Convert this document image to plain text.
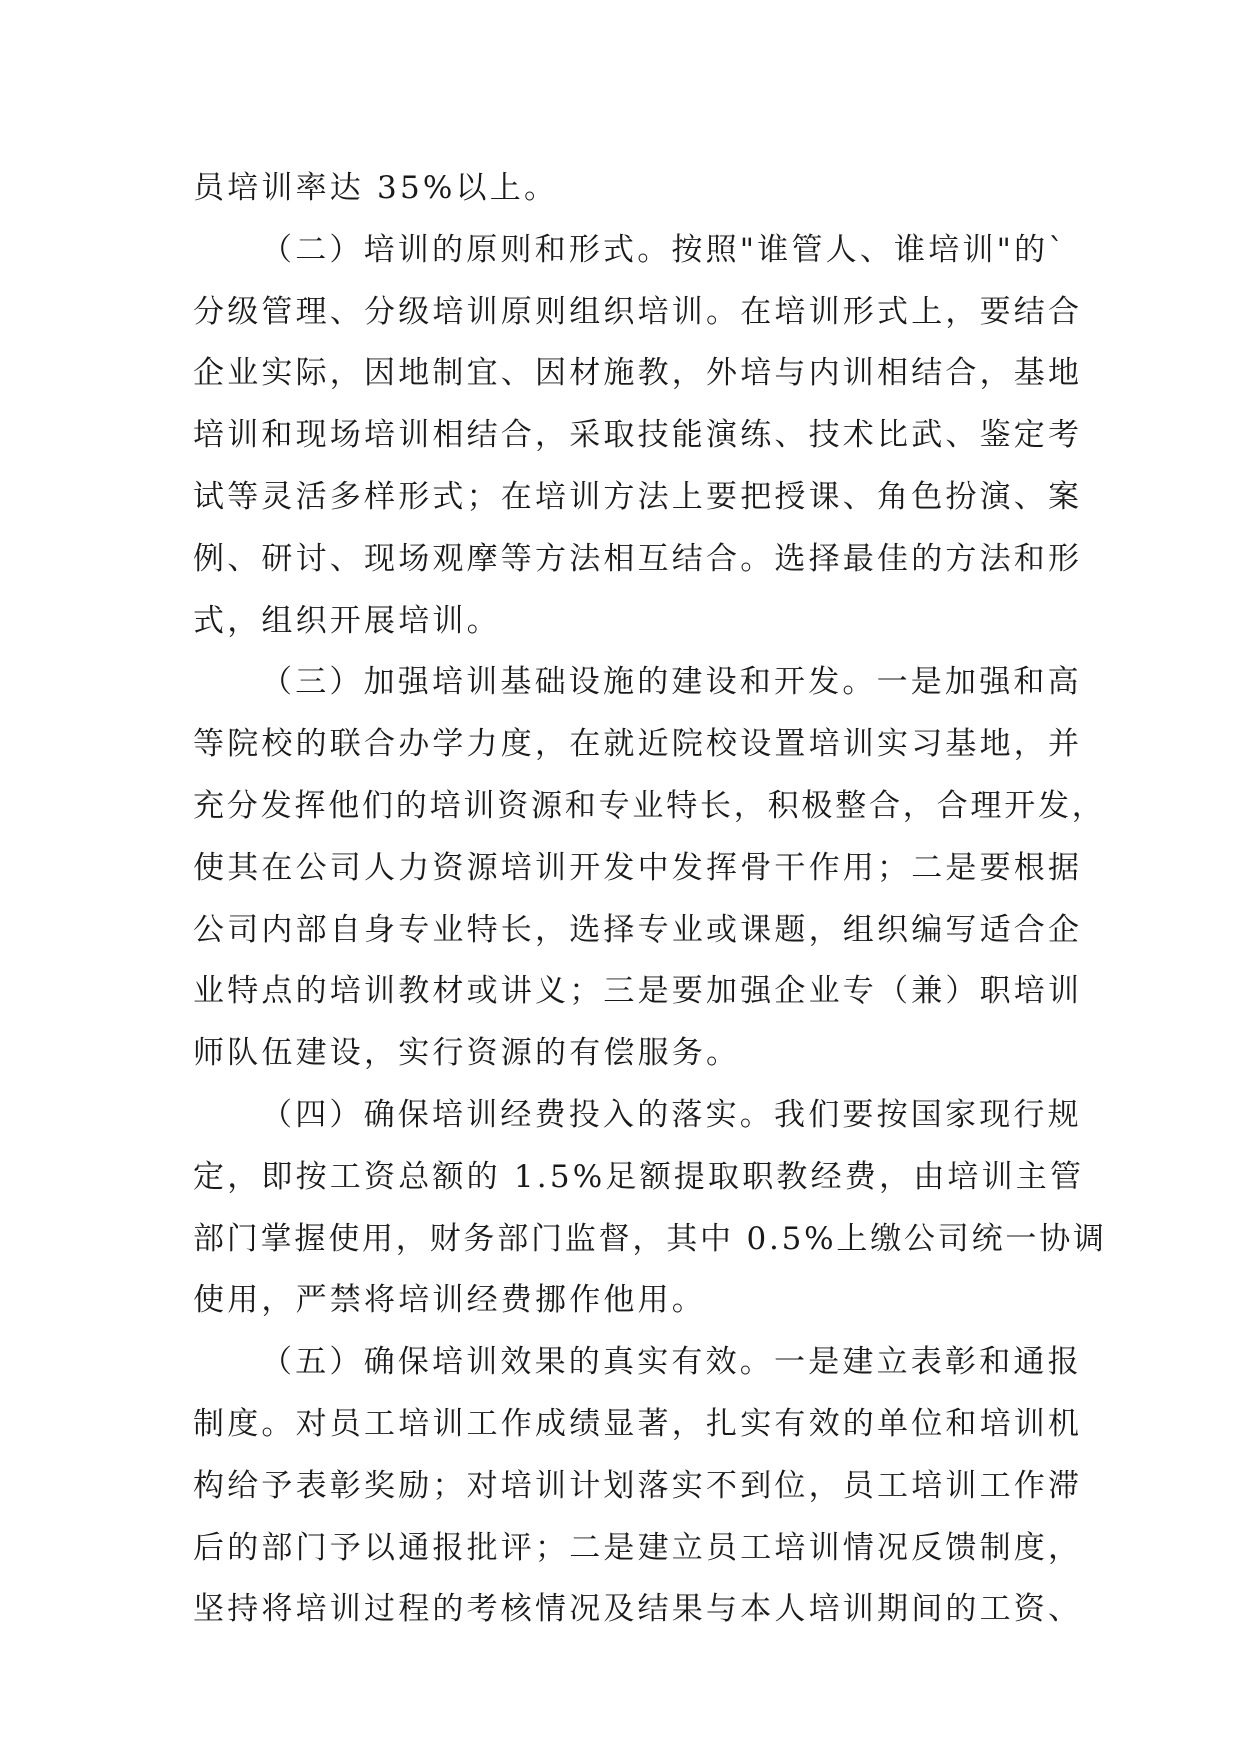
员培训率达 35%以上。
（二）培训的原则和形式。按照"谁管人、谁培训"的`
分级管理、分级培训原则组织培训。在培训形式上，要结合
企业实际，因地制宜、因材施教，外培与内训相结合，基地
培训和现场培训相结合，采取技能演练、技术比武、鉴定考
试等灵活多样形式；在培训方法上要把授课、角色扮演、案
例、研讨、现场观摩等方法相互结合。选择最佳的方法和形
式，组织开展培训。
（三）加强培训基础设施的建设和开发。一是加强和高
等院校的联合办学力度，在就近院校设置培训实习基地，并
充分发挥他们的培训资源和专业特长，积极整合，合理开发，
使其在公司人力资源培训开发中发挥骨干作用；二是要根据
公司内部自身专业特长，选择专业或课题，组织编写适合企
业特点的培训教材或讲义；三是要加强企业专（兼）职培训
师队伍建设，实行资源的有偿服务。
（四）确保培训经费投入的落实。我们要按国家现行规
定，即按工资总额的 1.5%足额提取职教经费，由培训主管
部门掌握使用，财务部门监督，其中 0.5%上缴公司统一协调
使用，严禁将培训经费挪作他用。
（五）确保培训效果的真实有效。一是建立表彰和通报
制度。对员工培训工作成绩显著，扎实有效的单位和培训机
构给予表彰奖励；对培训计划落实不到位，员工培训工作滞
后的部门予以通报批评；二是建立员工培训情况反馈制度，
坚持将培训过程的考核情况及结果与本人培训期间的工资、
